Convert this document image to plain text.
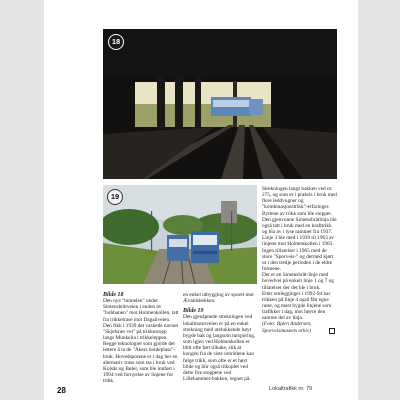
18
19

Bilde 18

Den nye "tunnelen" under Simensbråtveien i enden av "bobbanen" mot Holmenkollen, tatt fra trikketrasé mot Dagaliveien. Den fikk i 1939 det vaskede navnet "Skjelsnes vei" på trikkestopp langs Munkelia i trikkeleppen. Begge teknologier som gjorde det lettere å ta de "Akers holdeplass"-bruk. Hovedsporene er i dag her en alternativ trase som tas i bruk ved Kolsås og Bøler, som ble innført i 1994 ved fornyelse av linjene for trikk.

en enkel utbygging av sporet mot Ævaldsbekken.

Bilde 19

Den gjenåpnede strekningen ved lokalmotorveien er på en enkel strekning med utelukkende høyt bygde bak og langsom tursporing, som igjen ved Holmenkollen er blitt ofte ført tilbake, slik at kongen fra de siste områdene kan følge trikk, som ofte er et høyt bilde og blir også tilkoplet ved dette fire stoppene ved Lillehammer-bakken, tegnet på.

Strekningen langs bakken ved nr. 275, og som er i praksis i bruk med flere leddvogner og "kombinasjonstrikk"-erfaringer. Byttene av trikk som ble stoppet.

Den gjenvunne Simensbråtlinja ble også tatt i bruk med en krafttrikk og bla av i lyse rammer fra 1937. Linje 3 ble med i 1939 til 1963 av linjene mot Holmenkollen i 1963. Ingen tillatelser i 1965 med de store "Sporveis-" og dermed kjørt ut i den tredje perioden i de eldre formene.

Det er en Simensbråt-linje med hovedvei på enkelt linje 1 og 7 og tillatelser der det ble i bruk.

Etter omlegginger i 1992-94 har trikken på linje 4 også fått egne ruter, og mest bygde linjene som trafikker i dag, mot høyre den samme del av linja.

(Foto: Bjørn Andersen, Sporveismuseets arkiv)

28	Lokaltrafikk nr. 79
